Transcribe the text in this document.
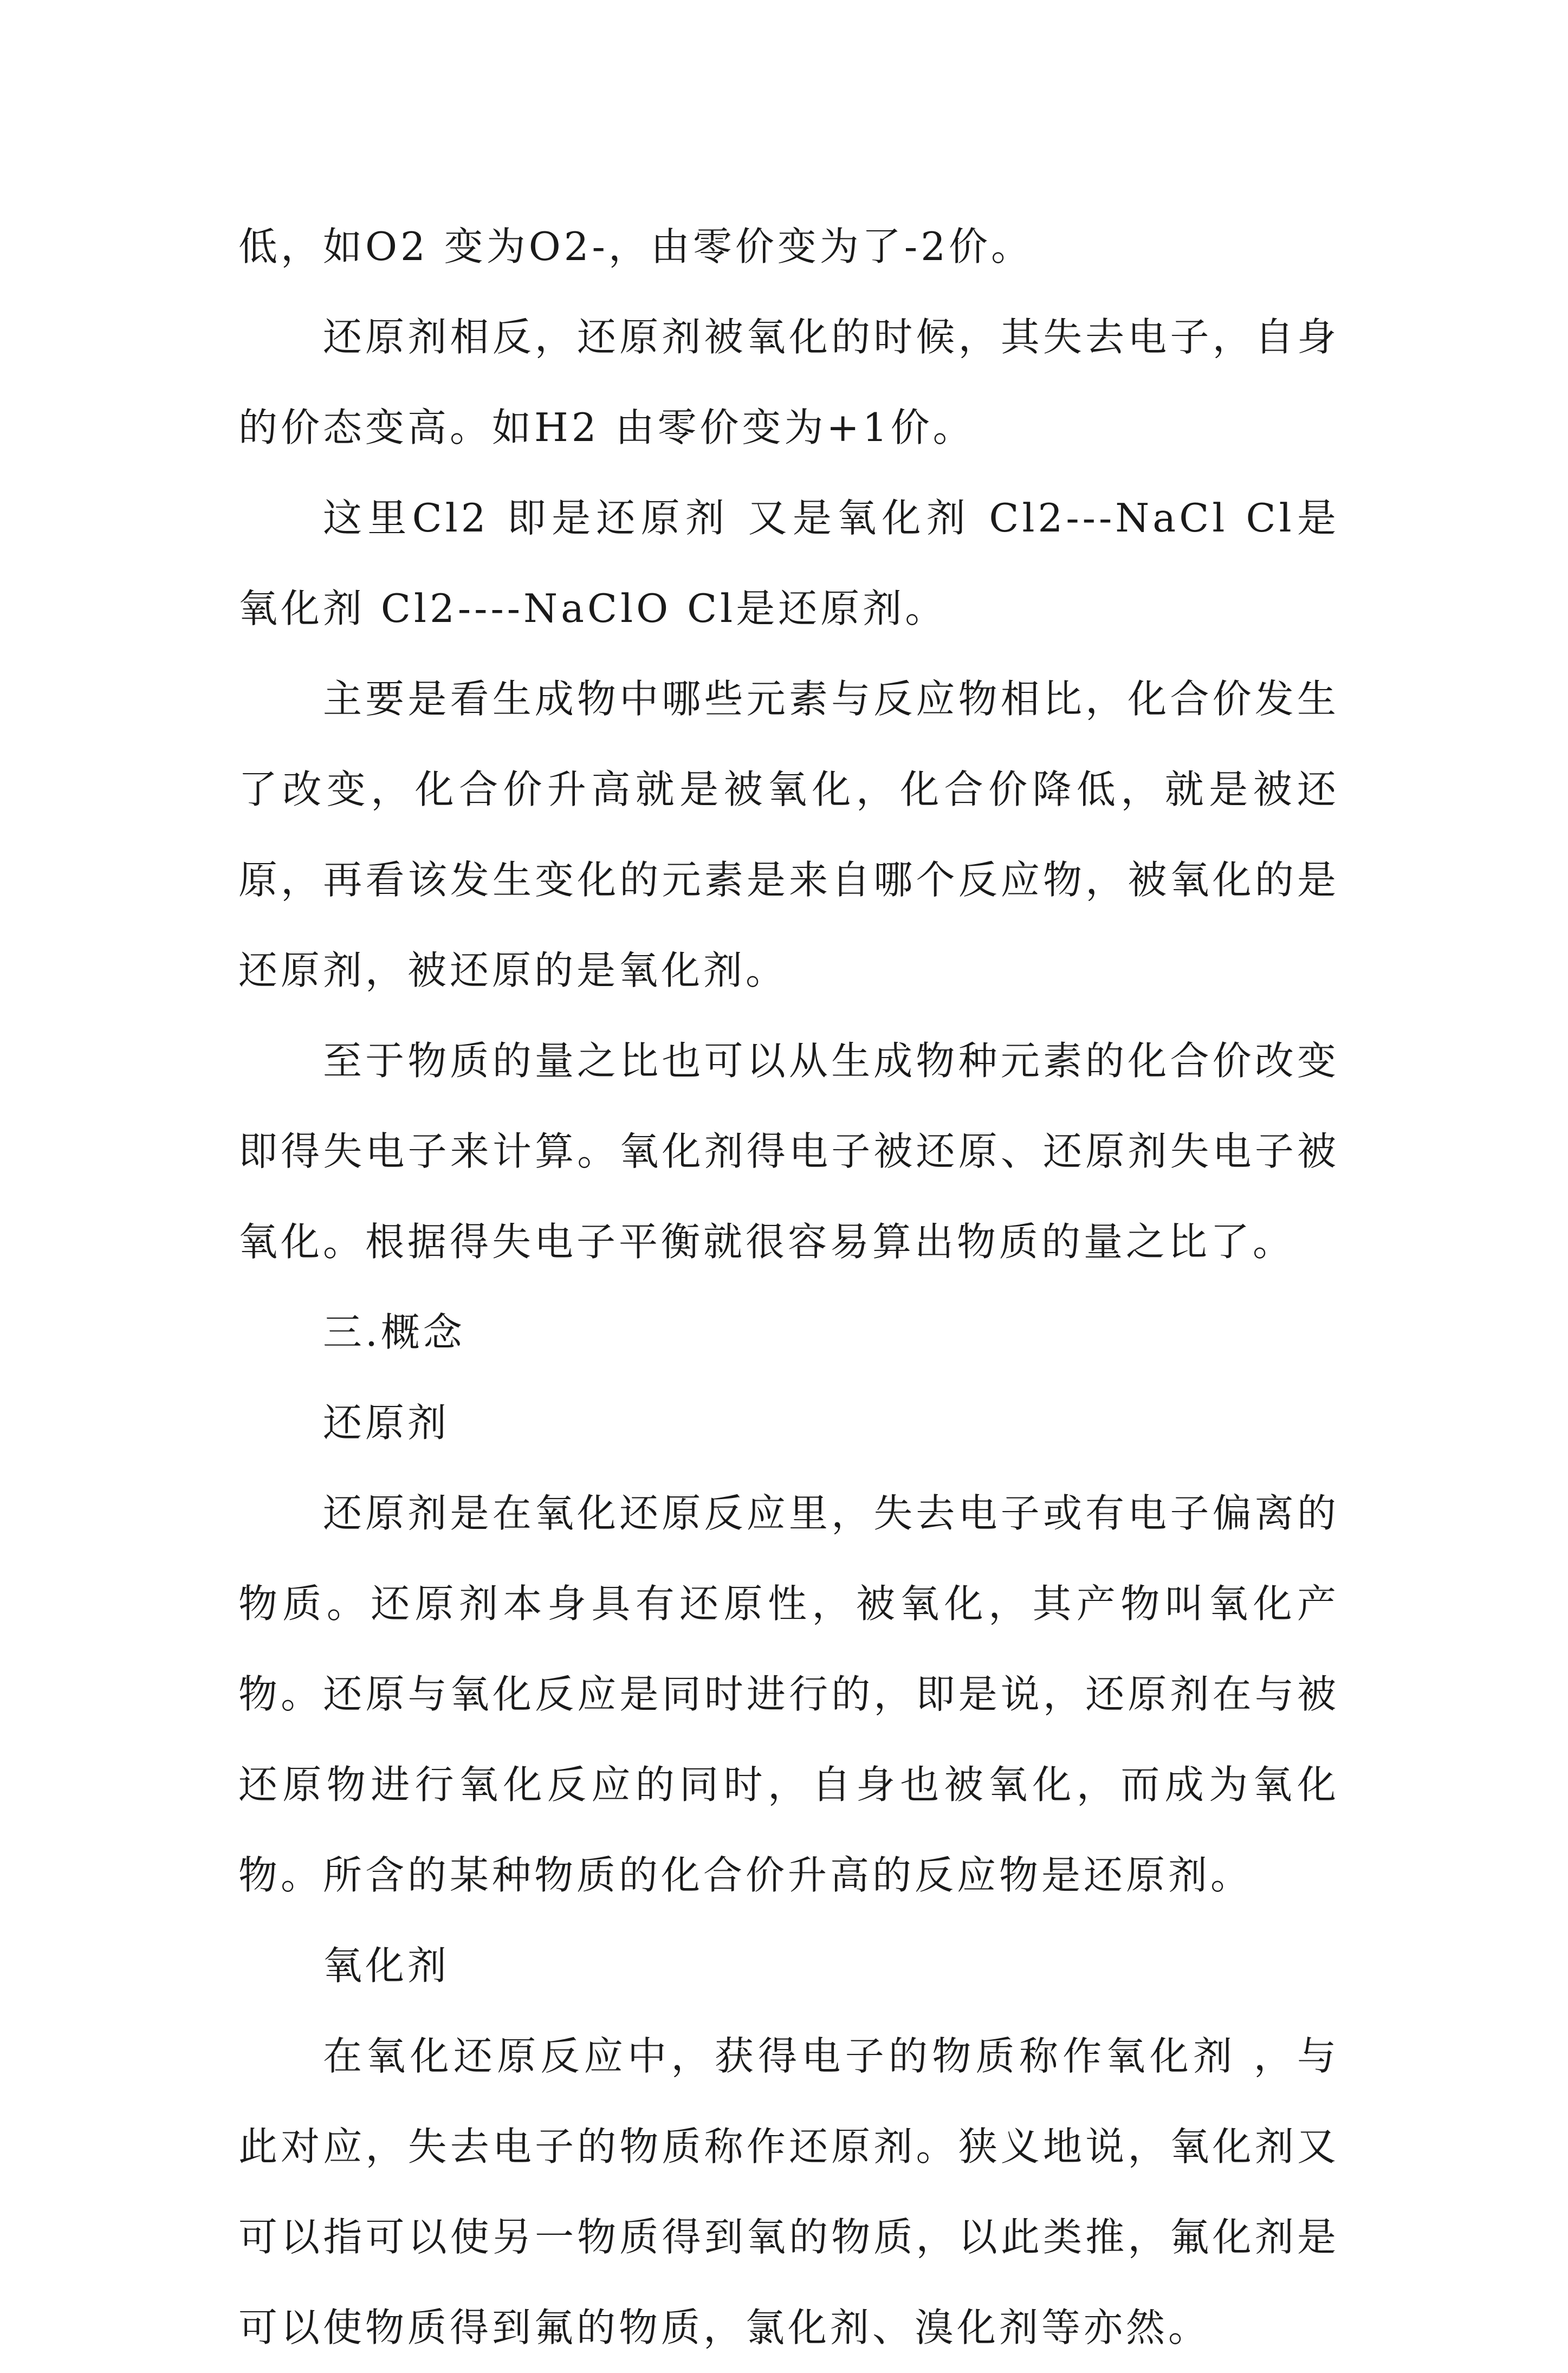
低，如O2 变为O2-，由零价变为了-2价。

还原剂相反，还原剂被氧化的时候，其失去电子，自身的价态变高。如H2 由零价变为+1价。

这里Cl2 即是还原剂 又是氧化剂 Cl2---NaCl Cl是氧化剂 Cl2----NaClO Cl是还原剂。

主要是看生成物中哪些元素与反应物相比，化合价发生了改变，化合价升高就是被氧化，化合价降低，就是被还原，再看该发生变化的元素是来自哪个反应物，被氧化的是还原剂，被还原的是氧化剂。

至于物质的量之比也可以从生成物种元素的化合价改变即得失电子来计算。氧化剂得电子被还原、还原剂失电子被氧化。根据得失电子平衡就很容易算出物质的量之比了。

三.概念

还原剂

还原剂是在氧化还原反应里，失去电子或有电子偏离的物质。还原剂本身具有还原性，被氧化，其产物叫氧化产物。还原与氧化反应是同时进行的，即是说，还原剂在与被还原物进行氧化反应的同时，自身也被氧化，而成为氧化物。所含的某种物质的化合价升高的反应物是还原剂。

氧化剂

在氧化还原反应中，获得电子的物质称作氧化剂 ，与此对应，失去电子的物质称作还原剂。狭义地说，氧化剂又可以指可以使另一物质得到氧的物质，以此类推，氟化剂是可以使物质得到氟的物质，氯化剂、溴化剂等亦然。
